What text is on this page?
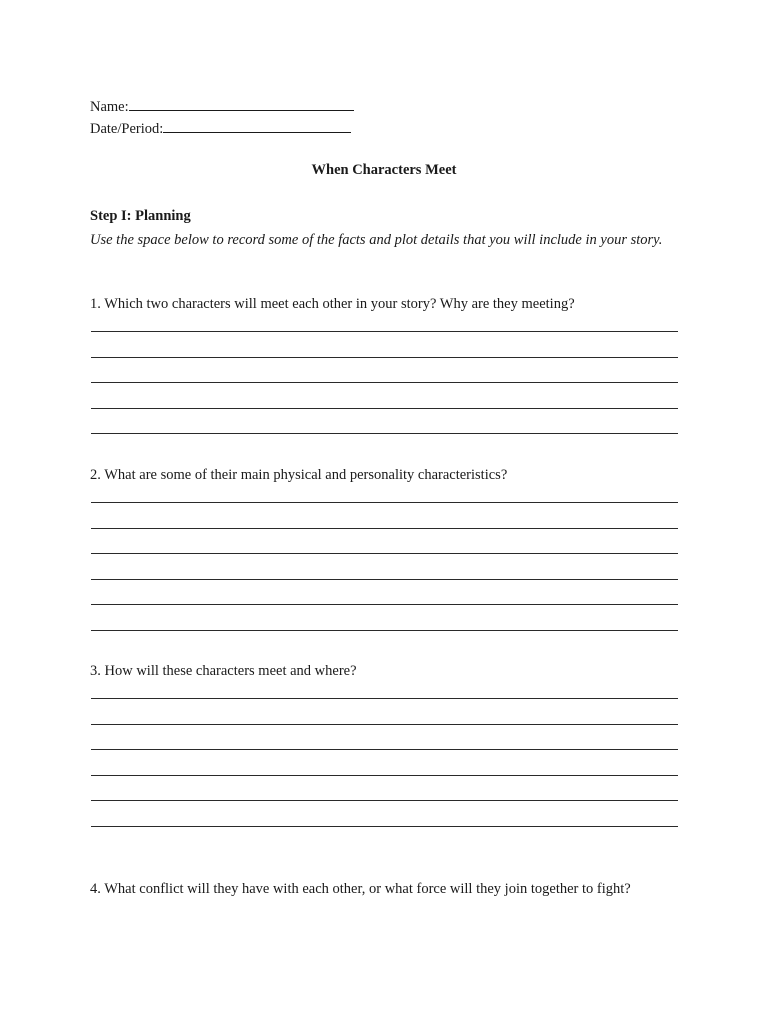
Name:
Date/Period:
When Characters Meet
Step I: Planning
Use the space below to record some of the facts and plot details that you will include in your story.
1. Which two characters will meet each other in your story? Why are they meeting?
2. What are some of their main physical and personality characteristics?
3. How will these characters meet and where?
4. What conflict will they have with each other, or what force will they join together to fight?
